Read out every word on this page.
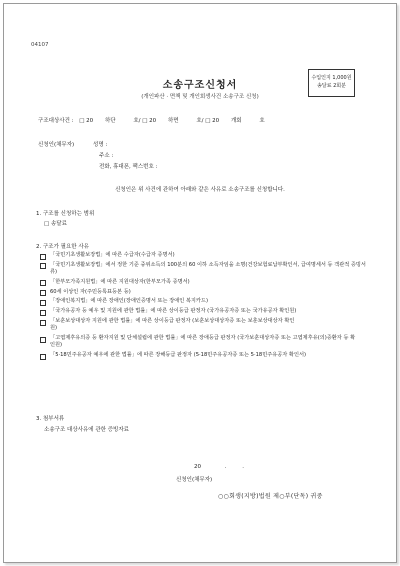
04107
소송구조신청서
(개인파산 · 면책 및 개인회생사건 소송구조 신청)
수입인지 1,000원
송달료 2회분
구조대상사건 : □ 20 하단	호/ □ 20 하면	호/ □ 20 개회	호
신청인(채무자)	성명 :
주소 :
전화, 휴대폰, 팩스번호 :
신청인은 위 사건에 관하여 아래와 같은 사유로 소송구조를 신청합니다.
1. 구조를 신청하는 범위
□ 송달료
2. 구조가 필요한 사유
「국민기초생활보장법」에 따른 수급자(수급자 증명서)
「국민기초생활보장법」에서 정한 기준 중위소득의 100분의 60 이하 소득자임을 소명(건강보험료납부확인서, 급여명세서 등 객관적 증빙서류)
「한부모가족지원법」에 따른 지원대상자(한부모가족 증명서)
60세 이상인 자(주민등록표등본 등)
「장애인복지법」에 따른 장애인(장애인증명서 또는 장애인 복지카드)
「국가유공자 등 예우 및 지원에 관한 법률」에 따른 상이등급 판정자 (국가유공자증 또는 국가유공자 확인원)
「보훈보상대상자 지원에 관한 법률」에 따른 상이등급 판정자 (보훈보상대상자증 또는 보훈보상대상자 확인원)
「고엽제후유의증 등 환자지원 및 단체설립에 관한 법률」에 따른 장애등급 판정자 (국가보훈대상자증 또는 고엽제후유(의)증환자 등 확인원)
「5·18민주유공자 예우에 관한 법률」에 따른 장해등급 판정자 (5·18민주유공자증 또는 5·18민주유공자 확인서)
3. 첨부서류
소송구조 대상사유에 관한 증빙자료
20	.	.
신청인(채무자)
○○회생(지방)법원 제○부(단독) 귀중
